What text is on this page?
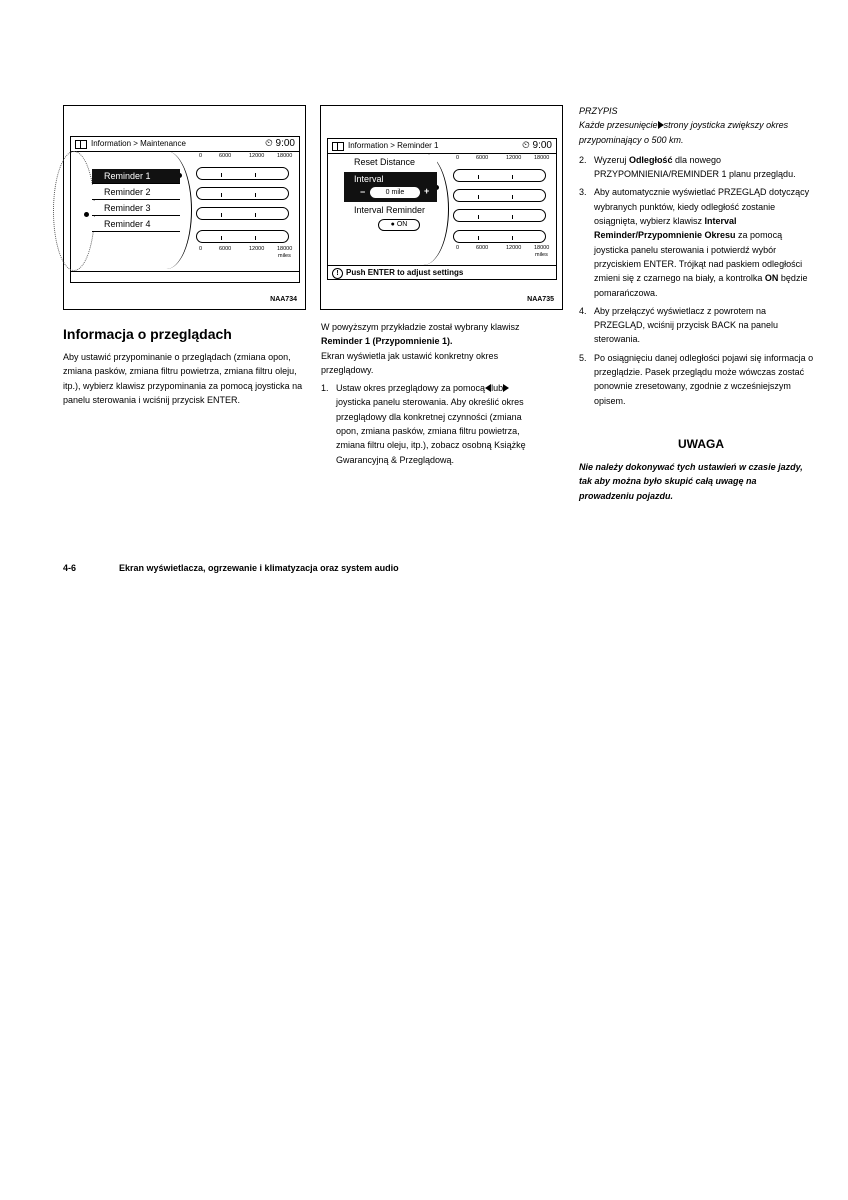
Information > Maintenance	⏲ 9:00
Reminder 1
Reminder 2
Reminder 3
Reminder 4
0	6000	12000 18000
0	6000	12000 18000
miles
NAA734
Information > Reminder 1	⏲ 9:00
Reset Distance
Interval
−	0 mile	+
Interval Reminder
● ON
0	6000	12000 18000
0	6000	12000 18000
miles
! Push ENTER to adjust settings
NAA735
Informacja o przeglądach
Aby ustawić przypominanie o przeglądach (zmiana opon, zmiana pasków, zmiana filtru powietrza, zmiana filtru oleju, itp.), wybierz klawisz przypominania za pomocą joysticka na panelu sterowania i wciśnij przycisk ENTER.
W powyższym przykładzie został wybrany klawisz Reminder 1 (Przypomnienie 1).
Ekran wyświetla jak ustawić konkretny okres przeglądowy.
1. Ustaw okres przeglądowy za pomocą lub joysticka panelu sterowania. Aby określić okres przeglądowy dla konkretnej czynności (zmiana opon, zmiana pasków, zmiana filtru powietrza, zmiana filtru oleju, itp.), zobacz osobną Książkę Gwarancyjną & Przeglądową.
PRZYPIS
Każde przesunięcie strony joysticka zwiększy okres przypominający o 500 km.
2. Wyzeruj Odległość dla nowego PRZYPOMNIENIA/REMINDER 1 planu przeglądu.
3. Aby automatycznie wyświetlać PRZEGLĄD dotyczący wybranych punktów, kiedy odległość zostanie osiągnięta, wybierz klawisz Interval Reminder/Przypomnienie Okresu za pomocą joysticka panelu sterowania i potwierdź wybór przyciskiem ENTER. Trójkąt nad paskiem odległości zmieni się z czarnego na biały, a kontrolka ON będzie pomarańczowa.
4. Aby przełączyć wyświetlacz z powrotem na PRZEGLĄD, wciśnij przycisk BACK na panelu sterowania.
5. Po osiągnięciu danej odległości pojawi się informacja o przeglądzie. Pasek przeglądu może wówczas zostać ponownie zresetowany, zgodnie z wcześniejszym opisem.
UWAGA
Nie należy dokonywać tych ustawień w czasie jazdy, tak aby można było skupić całą uwagę na prowadzeniu pojazdu.
4-6	Ekran wyświetlacza, ogrzewanie i klimatyzacja oraz system audio
